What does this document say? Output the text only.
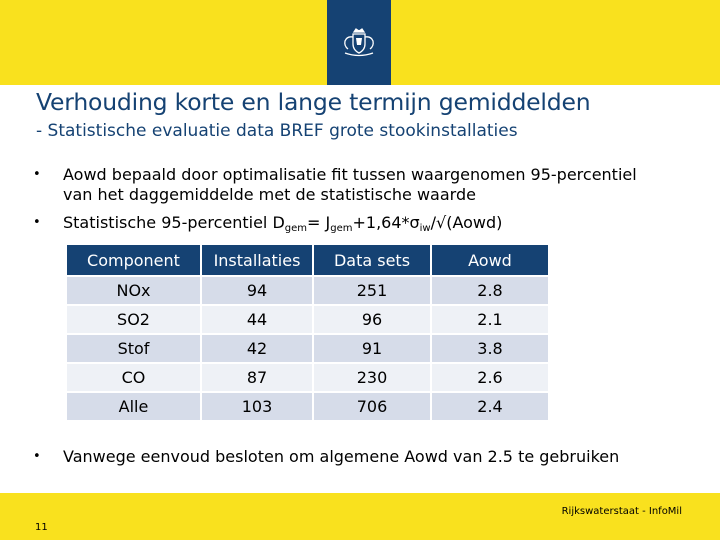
Verhouding korte en lange termijn gemiddelden
- Statistische evaluatie data BREF grote stookinstallaties
• Aowd bepaald door optimalisatie fit tussen waargenomen 95-percentiel
van het daggemiddelde met de statistische waarde
• Statistische 95-percentiel $D_{gem}=$ $J_{gem}+1,64*\sigma_{iw}/√(Aowd)$
Component	Installaties	Data sets	Aowd
NOx	94	251	2.8
SO2	44	96	2.1
Stof	42	91	3.8
CO	87	230	2.6
Alle	103	706	2.4
• Vanwege eenvoud besloten om algemene Aowd van 2.5 te gebruiken
11
Rijkswaterstaat - InfoMil
